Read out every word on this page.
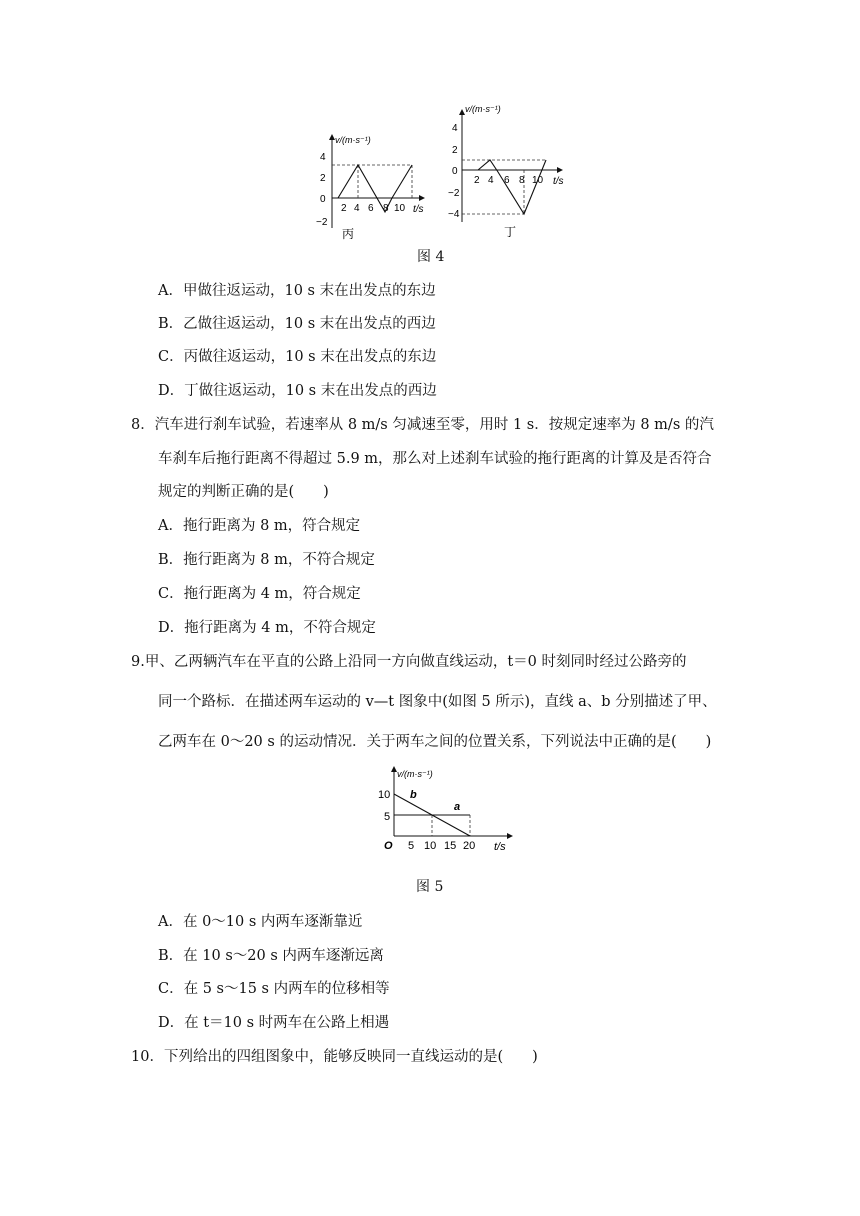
v/(m·s⁻¹)
4
2
0
−2
2 4 6 8 10 t/s
丙
v/(m·s⁻¹)
4
2
0
−2
−4
2 4 6 8 10 t/s
丁
图 4
A．甲做往返运动，10 s 末在出发点的东边
B．乙做往返运动，10 s 末在出发点的西边
C．丙做往返运动，10 s 末在出发点的东边
D．丁做往返运动，10 s 末在出发点的西边
8．汽车进行刹车试验，若速率从 8 m/s 匀减速至零，用时 1 s．按规定速率为 8 m/s 的汽
车刹车后拖行距离不得超过 5.9 m，那么对上述刹车试验的拖行距离的计算及是否符合
规定的判断正确的是(　　)
A．拖行距离为 8 m，符合规定
B．拖行距离为 8 m，不符合规定
C．拖行距离为 4 m，符合规定
D．拖行距离为 4 m，不符合规定
9.甲、乙两辆汽车在平直的公路上沿同一方向做直线运动，t＝0 时刻同时经过公路旁的
同一个路标．在描述两车运动的 v—t 图象中(如图 5 所示)，直线 a、b 分别描述了甲、
乙两车在 0～20 s 的运动情况．关于两车之间的位置关系，下列说法中正确的是(　　)
v/(m·s⁻¹)
10
5
O 5 10 15 20 t/s
b
a
图 5
A．在 0～10 s 内两车逐渐靠近
B．在 10 s～20 s 内两车逐渐远离
C．在 5 s～15 s 内两车的位移相等
D．在 t＝10 s 时两车在公路上相遇
10．下列给出的四组图象中，能够反映同一直线运动的是(　　)
